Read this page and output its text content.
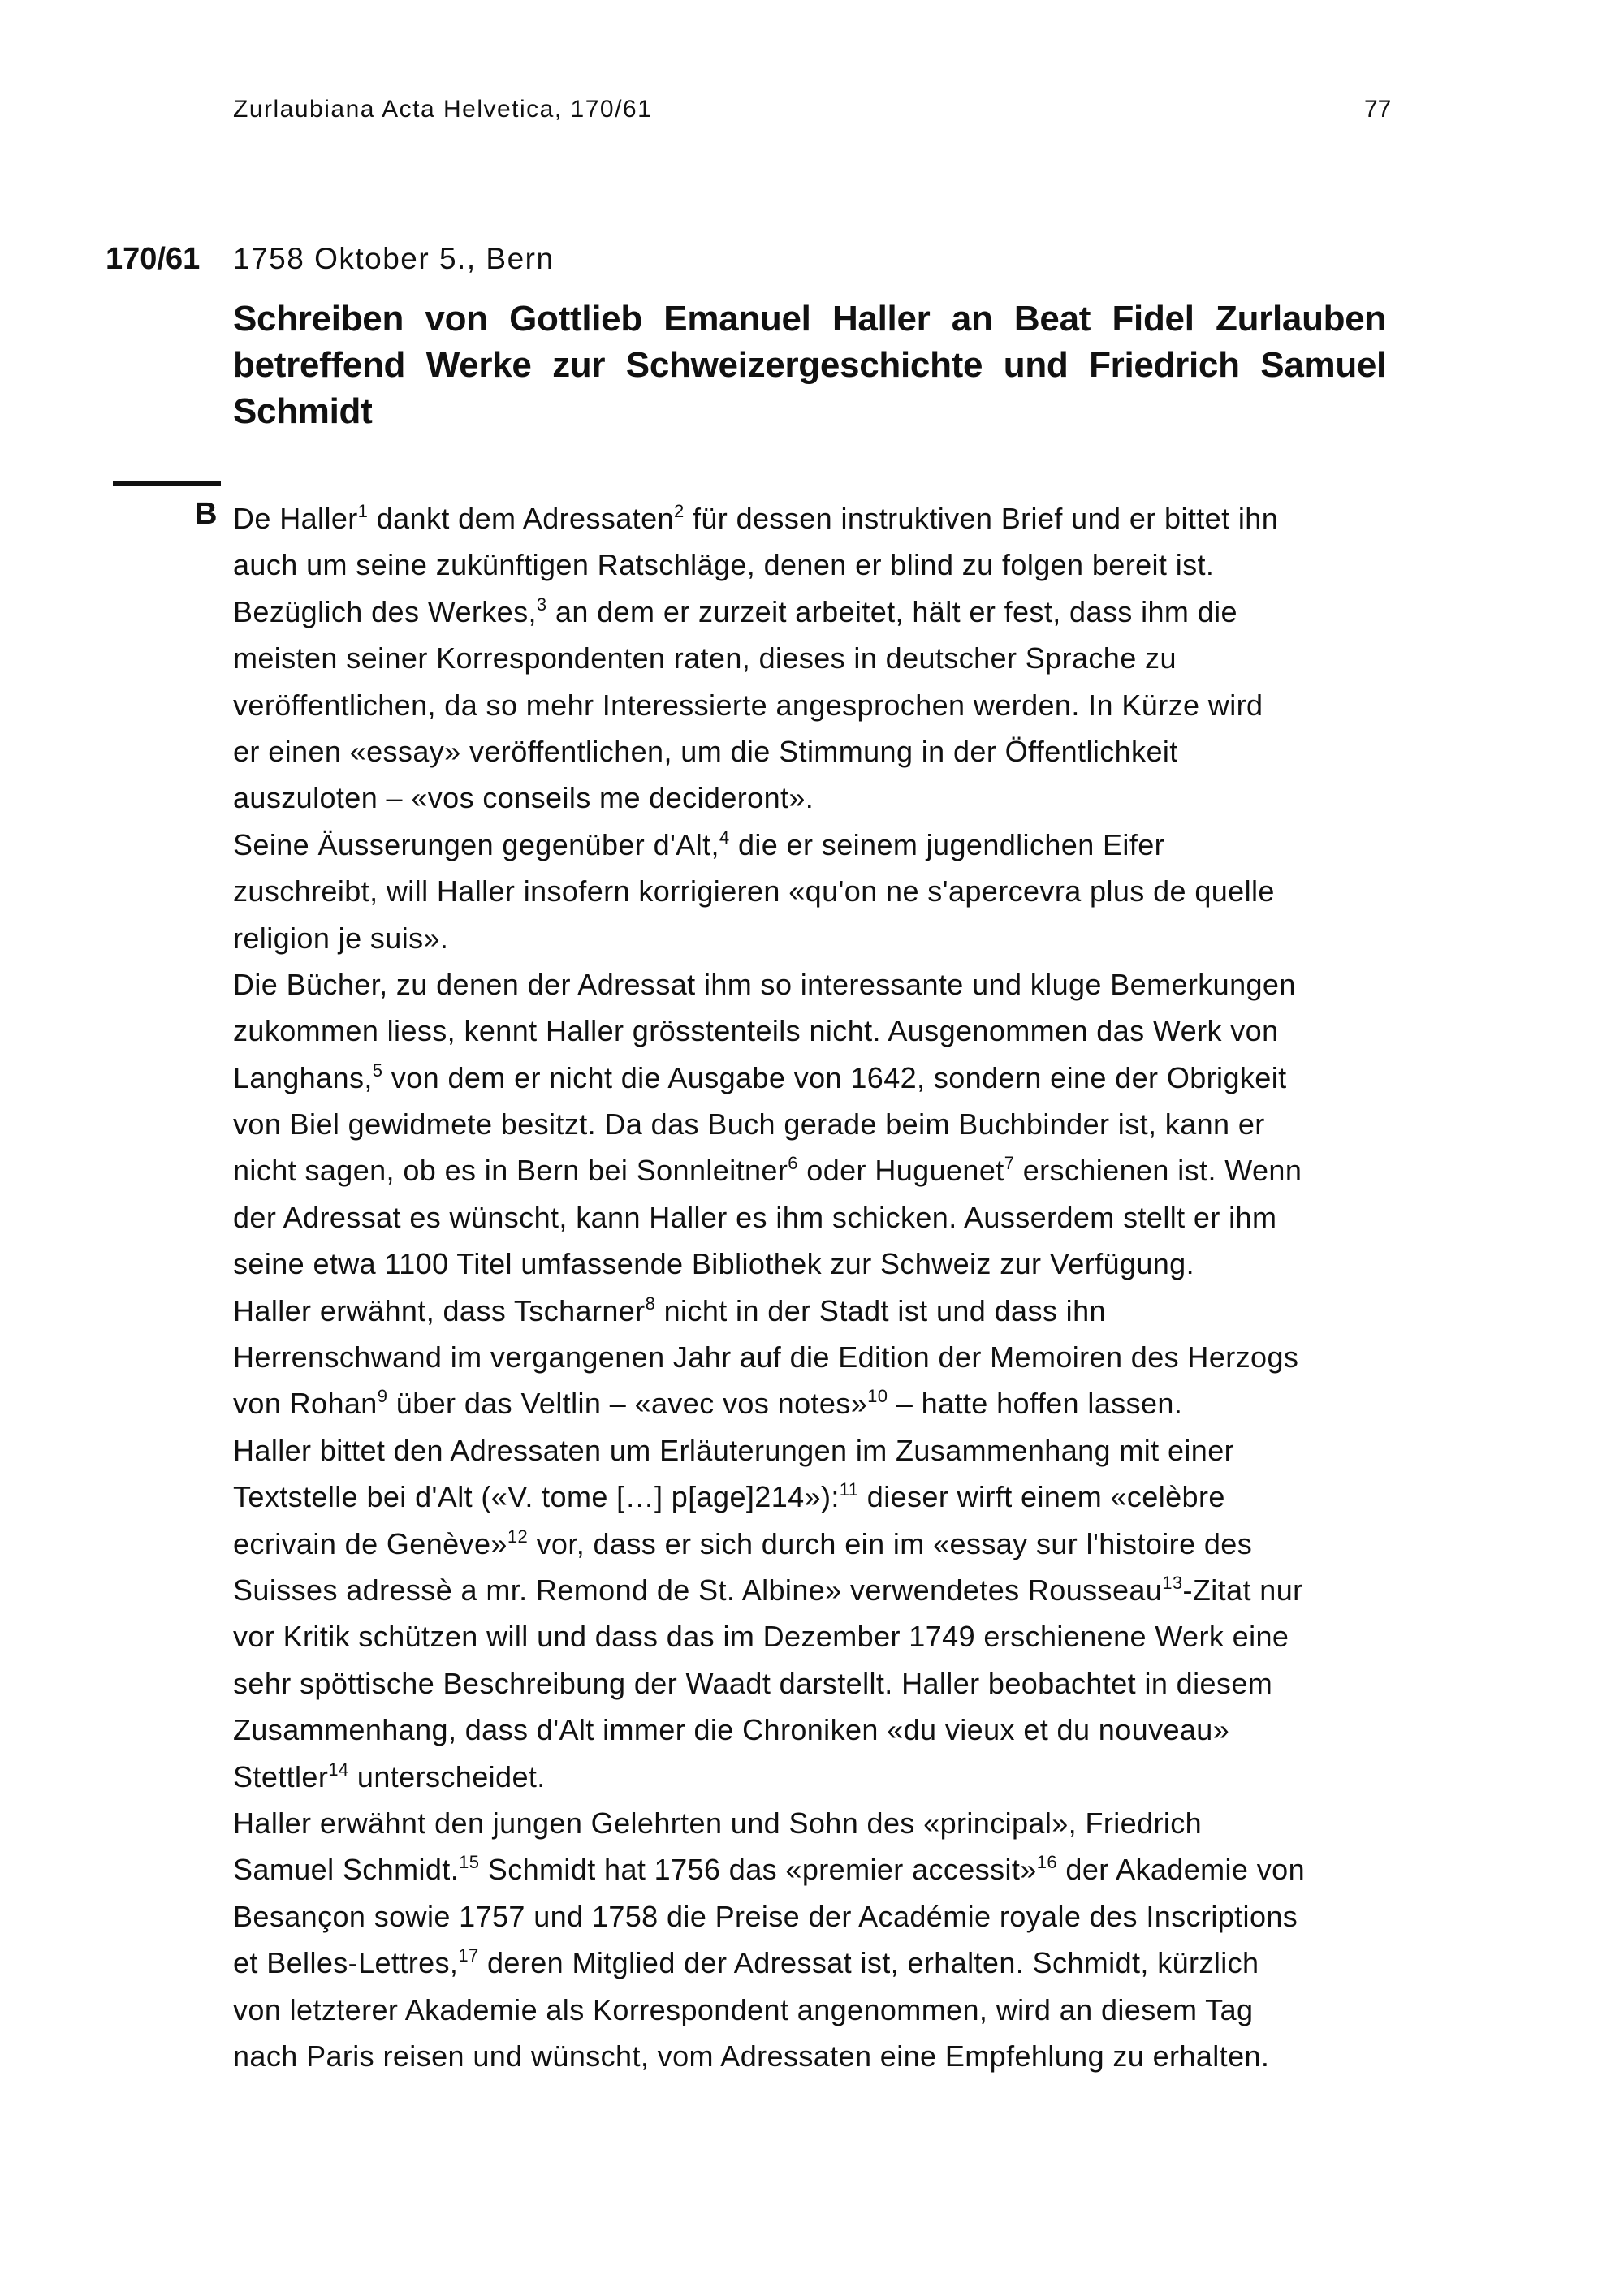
Zurlaubiana Acta Helvetica, 170/61	77
170/61 1758 Oktober 5., Bern
Schreiben von Gottlieb Emanuel Haller an Beat Fidel Zurlauben
betreffend Werke zur Schweizergeschichte und Friedrich Samuel
Schmidt
B De Haller$^1$ dankt dem Adressaten$^2$ für dessen instruktiven Brief und er bittet ihn
auch um seine zukünftigen Ratschläge, denen er blind zu folgen bereit ist.
Bezüglich des Werkes,$^3$ an dem er zurzeit arbeitet, hält er fest, dass ihm die
meisten seiner Korrespondenten raten, dieses in deutscher Sprache zu
veröffentlichen, da so mehr Interessierte angesprochen werden. In Kürze wird
er einen «essay» veröffentlichen, um die Stimmung in der Öffentlichkeit
auszuloten – «vos conseils me decideront».
Seine Äusserungen gegenüber d'Alt,$^4$ die er seinem jugendlichen Eifer
zuschreibt, will Haller insofern korrigieren «qu'on ne s'apercevra plus de quelle
religion je suis».
Die Bücher, zu denen der Adressat ihm so interessante und kluge Bemerkungen
zukommen liess, kennt Haller grösstenteils nicht. Ausgenommen das Werk von
Langhans,$^5$ von dem er nicht die Ausgabe von 1642, sondern eine der Obrigkeit
von Biel gewidmete besitzt. Da das Buch gerade beim Buchbinder ist, kann er
nicht sagen, ob es in Bern bei Sonnleitner$^6$ oder Huguenet$^7$ erschienen ist. Wenn
der Adressat es wünscht, kann Haller es ihm schicken. Ausserdem stellt er ihm
seine etwa 1100 Titel umfassende Bibliothek zur Schweiz zur Verfügung.
Haller erwähnt, dass Tscharner$^8$ nicht in der Stadt ist und dass ihn
Herrenschwand im vergangenen Jahr auf die Edition der Memoiren des Herzogs
von Rohan$^9$ über das Veltlin – «avec vos notes»$^{10}$ – hatte hoffen lassen.
Haller bittet den Adressaten um Erläuterungen im Zusammenhang mit einer
Textstelle bei d'Alt («V. tome […] p[age]214»):$^{11}$ dieser wirft einem «celèbre
ecrivain de Genève»$^{12}$ vor, dass er sich durch ein im «essay sur l'histoire des
Suisses adressè a mr. Remond de St. Albine» verwendetes Rousseau$^{13}$-Zitat nur
vor Kritik schützen will und dass das im Dezember 1749 erschienene Werk eine
sehr spöttische Beschreibung der Waadt darstellt. Haller beobachtet in diesem
Zusammenhang, dass d'Alt immer die Chroniken «du vieux et du nouveau»
Stettler$^{14}$ unterscheidet.
Haller erwähnt den jungen Gelehrten und Sohn des «principal», Friedrich
Samuel Schmidt.$^{15}$ Schmidt hat 1756 das «premier accessit»$^{16}$ der Akademie von
Besançon sowie 1757 und 1758 die Preise der Académie royale des Inscriptions
et Belles-Lettres,$^{17}$ deren Mitglied der Adressat ist, erhalten. Schmidt, kürzlich
von letzterer Akademie als Korrespondent angenommen, wird an diesem Tag
nach Paris reisen und wünscht, vom Adressaten eine Empfehlung zu erhalten.
